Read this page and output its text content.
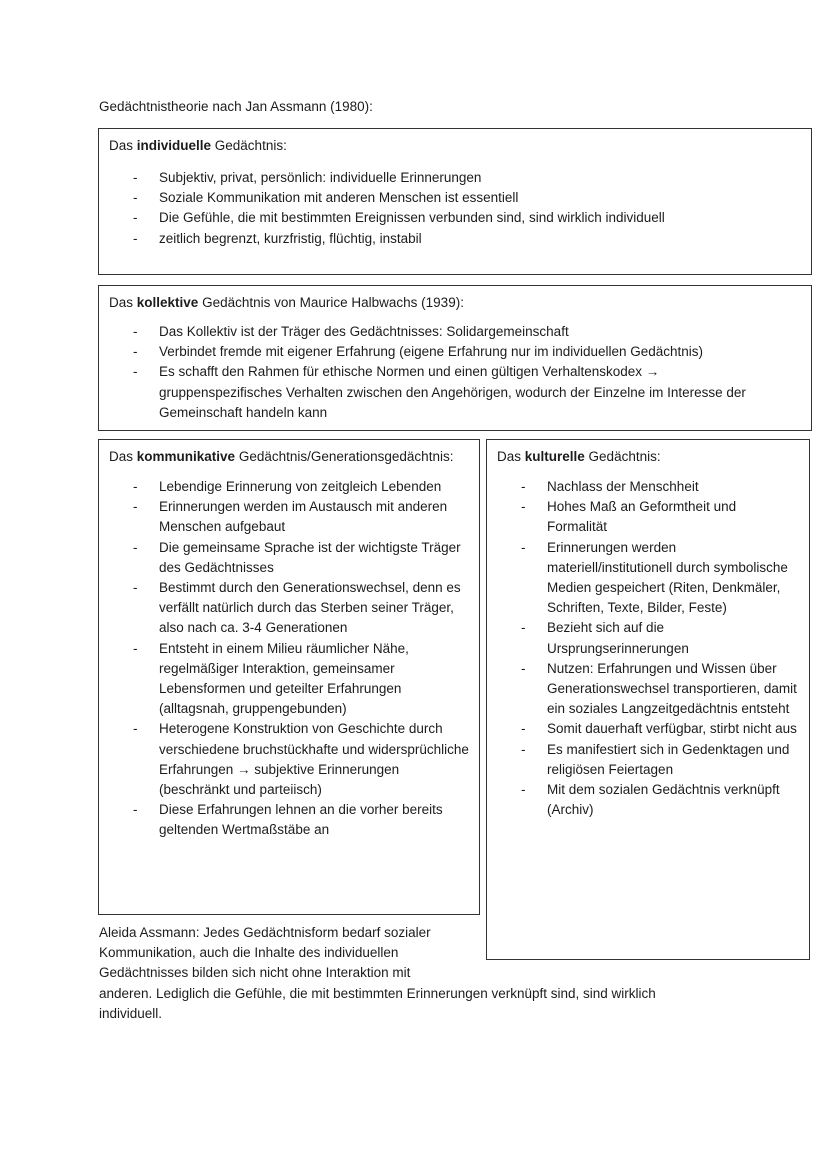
Gedächtnistheorie nach Jan Assmann (1980):
Das individuelle Gedächtnis:
- Subjektiv, privat, persönlich: individuelle Erinnerungen
- Soziale Kommunikation mit anderen Menschen ist essentiell
- Die Gefühle, die mit bestimmten Ereignissen verbunden sind, sind wirklich individuell
- zeitlich begrenzt, kurzfristig, flüchtig, instabil
Das kollektive Gedächtnis von Maurice Halbwachs (1939):
- Das Kollektiv ist der Träger des Gedächtnisses: Solidargemeinschaft
- Verbindet fremde mit eigener Erfahrung (eigene Erfahrung nur im individuellen Gedächtnis)
- Es schafft den Rahmen für ethische Normen und einen gültigen Verhaltenskodex → gruppenspezifisches Verhalten zwischen den Angehörigen, wodurch der Einzelne im Interesse der Gemeinschaft handeln kann
Das kommunikative Gedächtnis/Generationsgedächtnis:
- Lebendige Erinnerung von zeitgleich Lebenden
- Erinnerungen werden im Austausch mit anderen Menschen aufgebaut
- Die gemeinsame Sprache ist der wichtigste Träger des Gedächtnisses
- Bestimmt durch den Generationswechsel, denn es verfällt natürlich durch das Sterben seiner Träger, also nach ca. 3-4 Generationen
- Entsteht in einem Milieu räumlicher Nähe, regelmäßiger Interaktion, gemeinsamer Lebensformen und geteilter Erfahrungen (alltagsnah, gruppengebunden)
- Heterogene Konstruktion von Geschichte durch verschiedene bruchstückhafte und widersprüchliche Erfahrungen → subjektive Erinnerungen (beschränkt und parteiisch)
- Diese Erfahrungen lehnen an die vorher bereits geltenden Wertmaßstäbe an
Das kulturelle Gedächtnis:
- Nachlass der Menschheit
- Hohes Maß an Geformtheit und Formalität
- Erinnerungen werden materiell/institutionell durch symbolische Medien gespeichert (Riten, Denkmäler, Schriften, Texte, Bilder, Feste)
- Bezieht sich auf die Ursprungserinnerungen
- Nutzen: Erfahrungen und Wissen über Generationswechsel transportieren, damit ein soziales Langzeitgedächtnis entsteht
- Somit dauerhaft verfügbar, stirbt nicht aus
- Es manifestiert sich in Gedenktagen und religiösen Feiertagen
- Mit dem sozialen Gedächtnis verknüpft (Archiv)
Aleida Assmann: Jedes Gedächtnisform bedarf sozialer
Kommunikation, auch die Inhalte des individuellen
Gedächtnisses bilden sich nicht ohne Interaktion mit
anderen. Lediglich die Gefühle, die mit bestimmten Erinnerungen verknüpft sind, sind wirklich
individuell.
